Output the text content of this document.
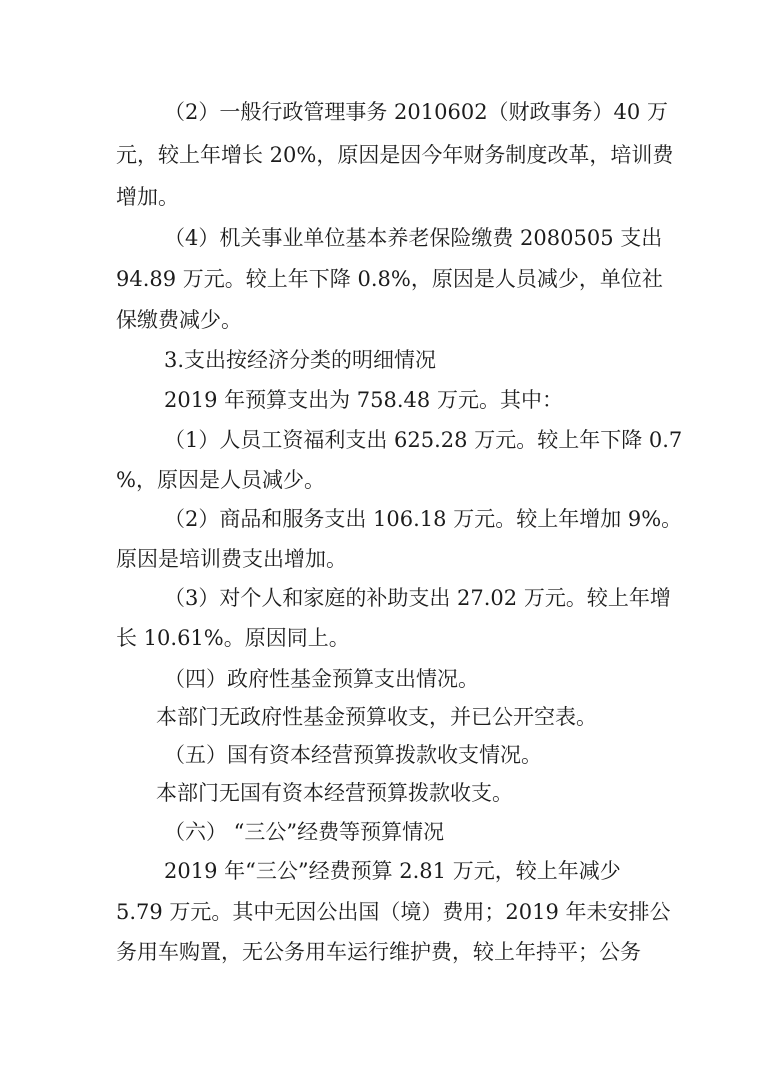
（2）一般行政管理事务 2010602（财政事务）40 万
元，较上年增长 20%，原因是因今年财务制度改革，培训费
增加。
（4）机关事业单位基本养老保险缴费 2080505 支出
94.89 万元。较上年下降 0.8%，原因是人员减少，单位社
保缴费减少。
3.支出按经济分类的明细情况
2019 年预算支出为 758.48 万元。其中：
（1）人员工资福利支出 625.28 万元。较上年下降 0.7
%，原因是人员减少。
（2）商品和服务支出 106.18 万元。较上年增加 9%。
原因是培训费支出增加。
（3）对个人和家庭的补助支出 27.02 万元。较上年增
长 10.61%。原因同上。
（四）政府性基金预算支出情况。
本部门无政府性基金预算收支，并已公开空表。
（五）国有资本经营预算拨款收支情况。
本部门无国有资本经营预算拨款收支。
（六） “三公”经费等预算情况
2019 年“三公”经费预算 2.81 万元，较上年减少
5.79 万元。其中无因公出国（境）费用；2019 年未安排公
务用车购置，无公务用车运行维护费，较上年持平；公务
